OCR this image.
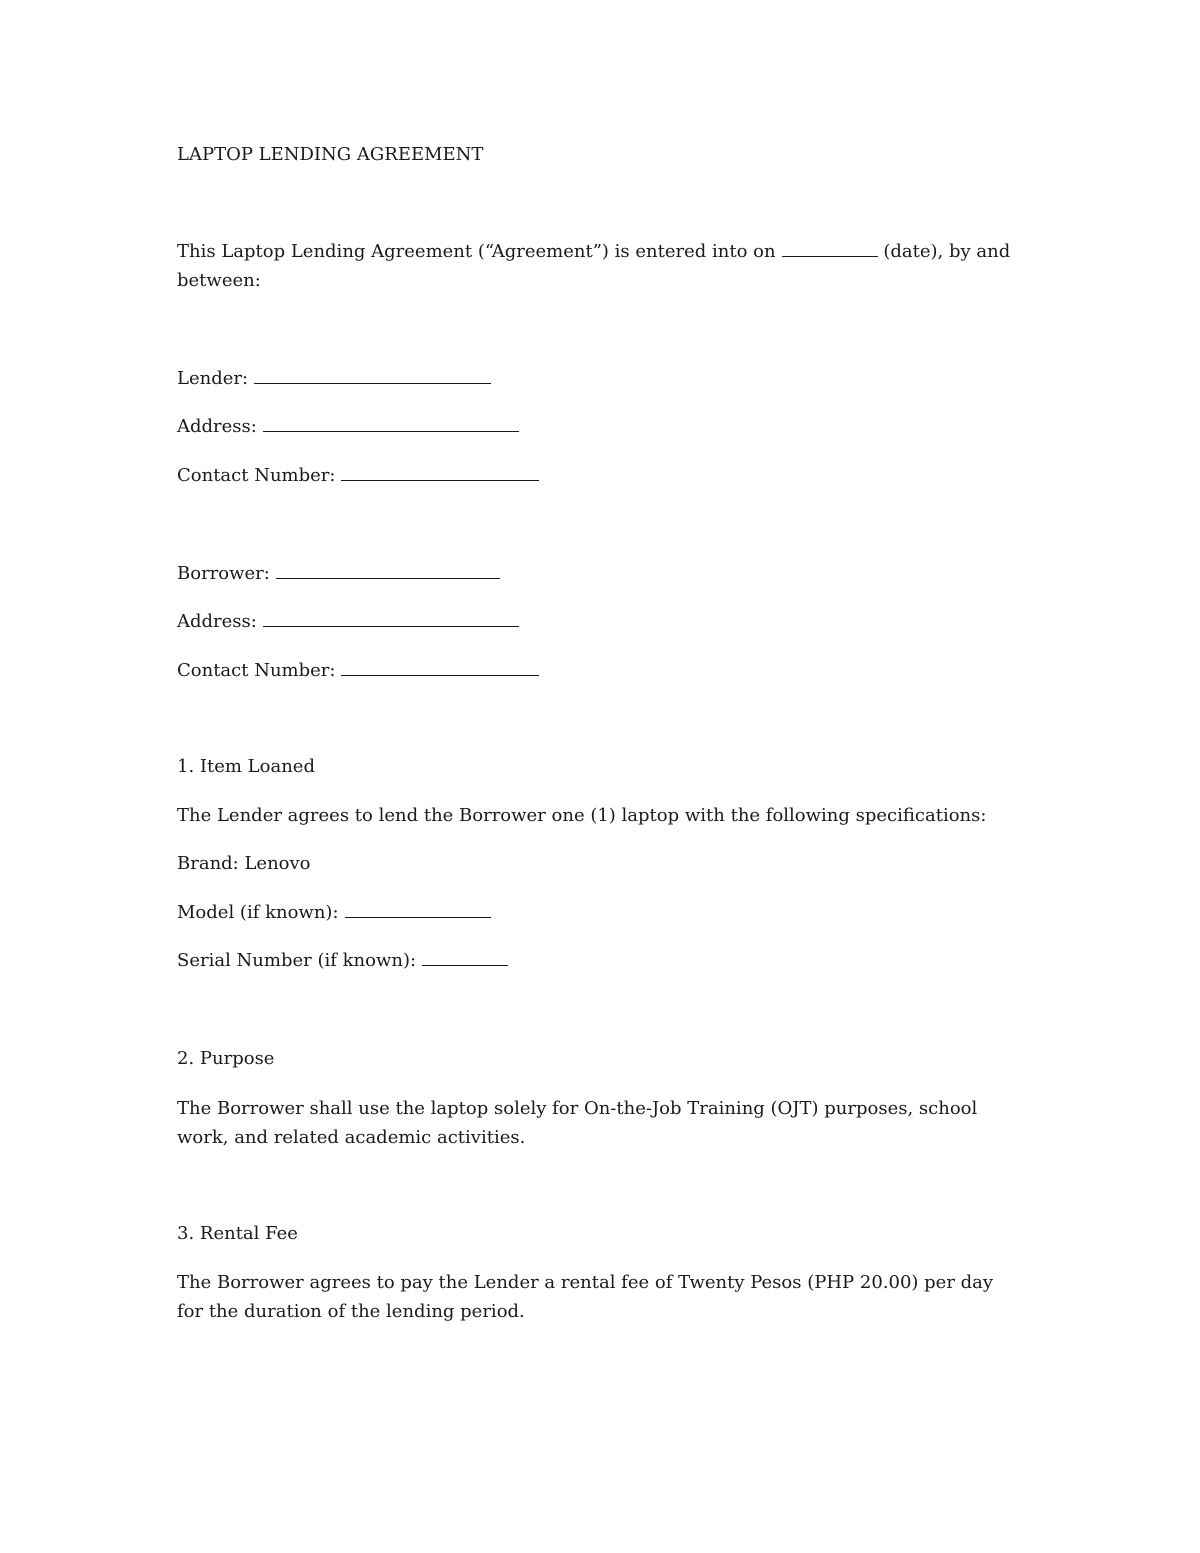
LAPTOP LENDING AGREEMENT
This Laptop Lending Agreement (“Agreement”) is entered into on	(date), by and between:
Lender:
Address:
Contact Number:
Borrower:
Address:
Contact Number:
1. Item Loaned
The Lender agrees to lend the Borrower one (1) laptop with the following specifications:
Brand: Lenovo
Model (if known):
Serial Number (if known):
2. Purpose
The Borrower shall use the laptop solely for On-the-Job Training (OJT) purposes, school work, and related academic activities.
3. Rental Fee
The Borrower agrees to pay the Lender a rental fee of Twenty Pesos (PHP 20.00) per day for the duration of the lending period.
